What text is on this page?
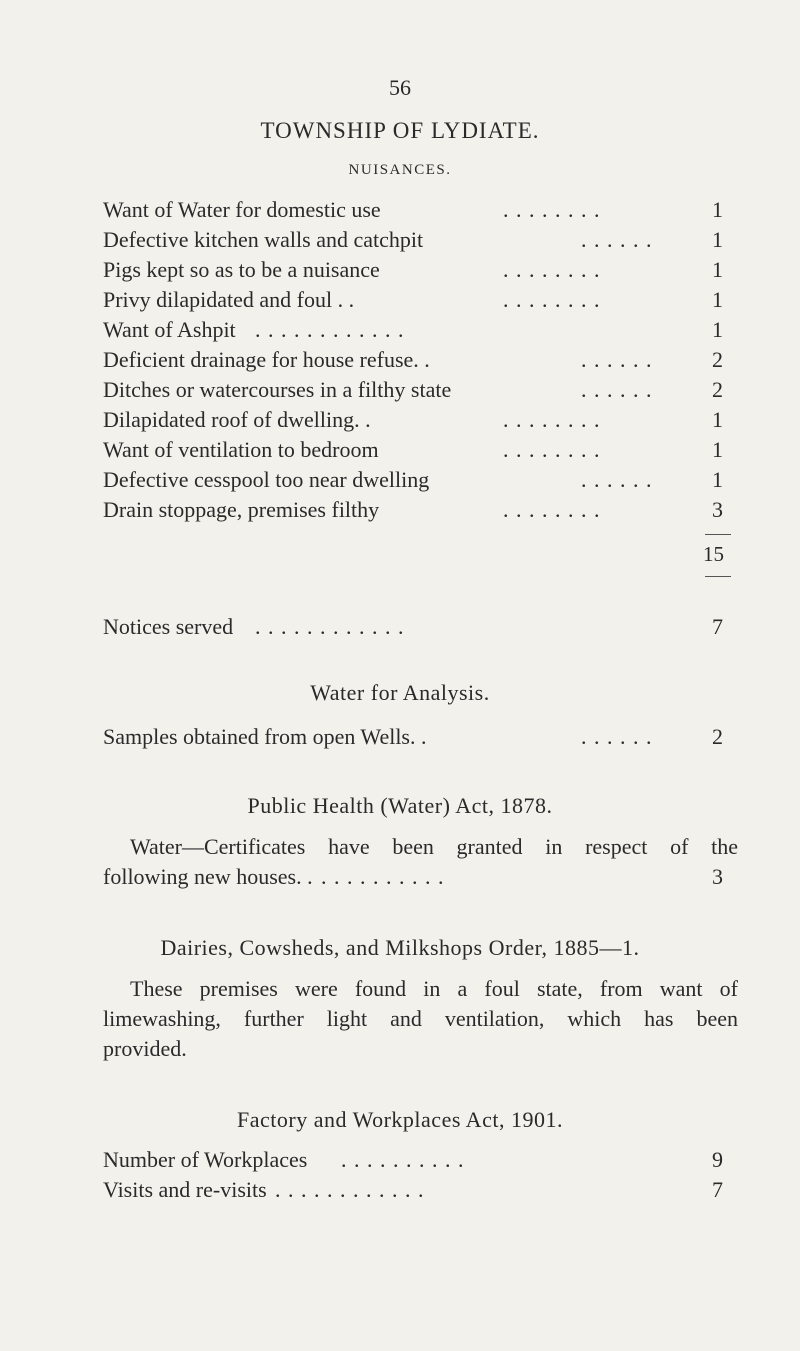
56
TOWNSHIP OF LYDIATE.
NUISANCES.
Want of Water for domestic use	. . . . . . . .	1
Defective kitchen walls and catchpit	. . . . . .	1
Pigs kept so as to be a nuisance	. . . . . . . .	1
Privy dilapidated and foul . .	. . . . . . . .	1
Want of Ashpit . . . . . . . . . . . .	1
Deficient drainage for house refuse. .	. . . . . .	2
Ditches or watercourses in a filthy state	. . . . . .	2
Dilapidated roof of dwelling. .	. . . . . . . .	1
Want of ventilation to bedroom	. . . . . . . .	1
Defective cesspool too near dwelling	. . . . . .	1
Drain stoppage, premises filthy	. . . . . . . .	3
15
Notices served . . . . . . . . . . . .	7
Water for Analysis.
Samples obtained from open Wells. .	. . . . . .	2
Public Health (Water) Act, 1878.
Water—Certificates have been granted in respect of the
following new houses. . . . . . . . . . . .	3
Dairies, Cowsheds, and Milkshops Order, 1885—1.
These premises were found in a foul state, from want of
limewashing, further light and ventilation, which has been
provided.
Factory and Workplaces Act, 1901.
Number of Workplaces . . . . . . . . . .	9
Visits and re-visits . . . . . . . . . . . .	7
